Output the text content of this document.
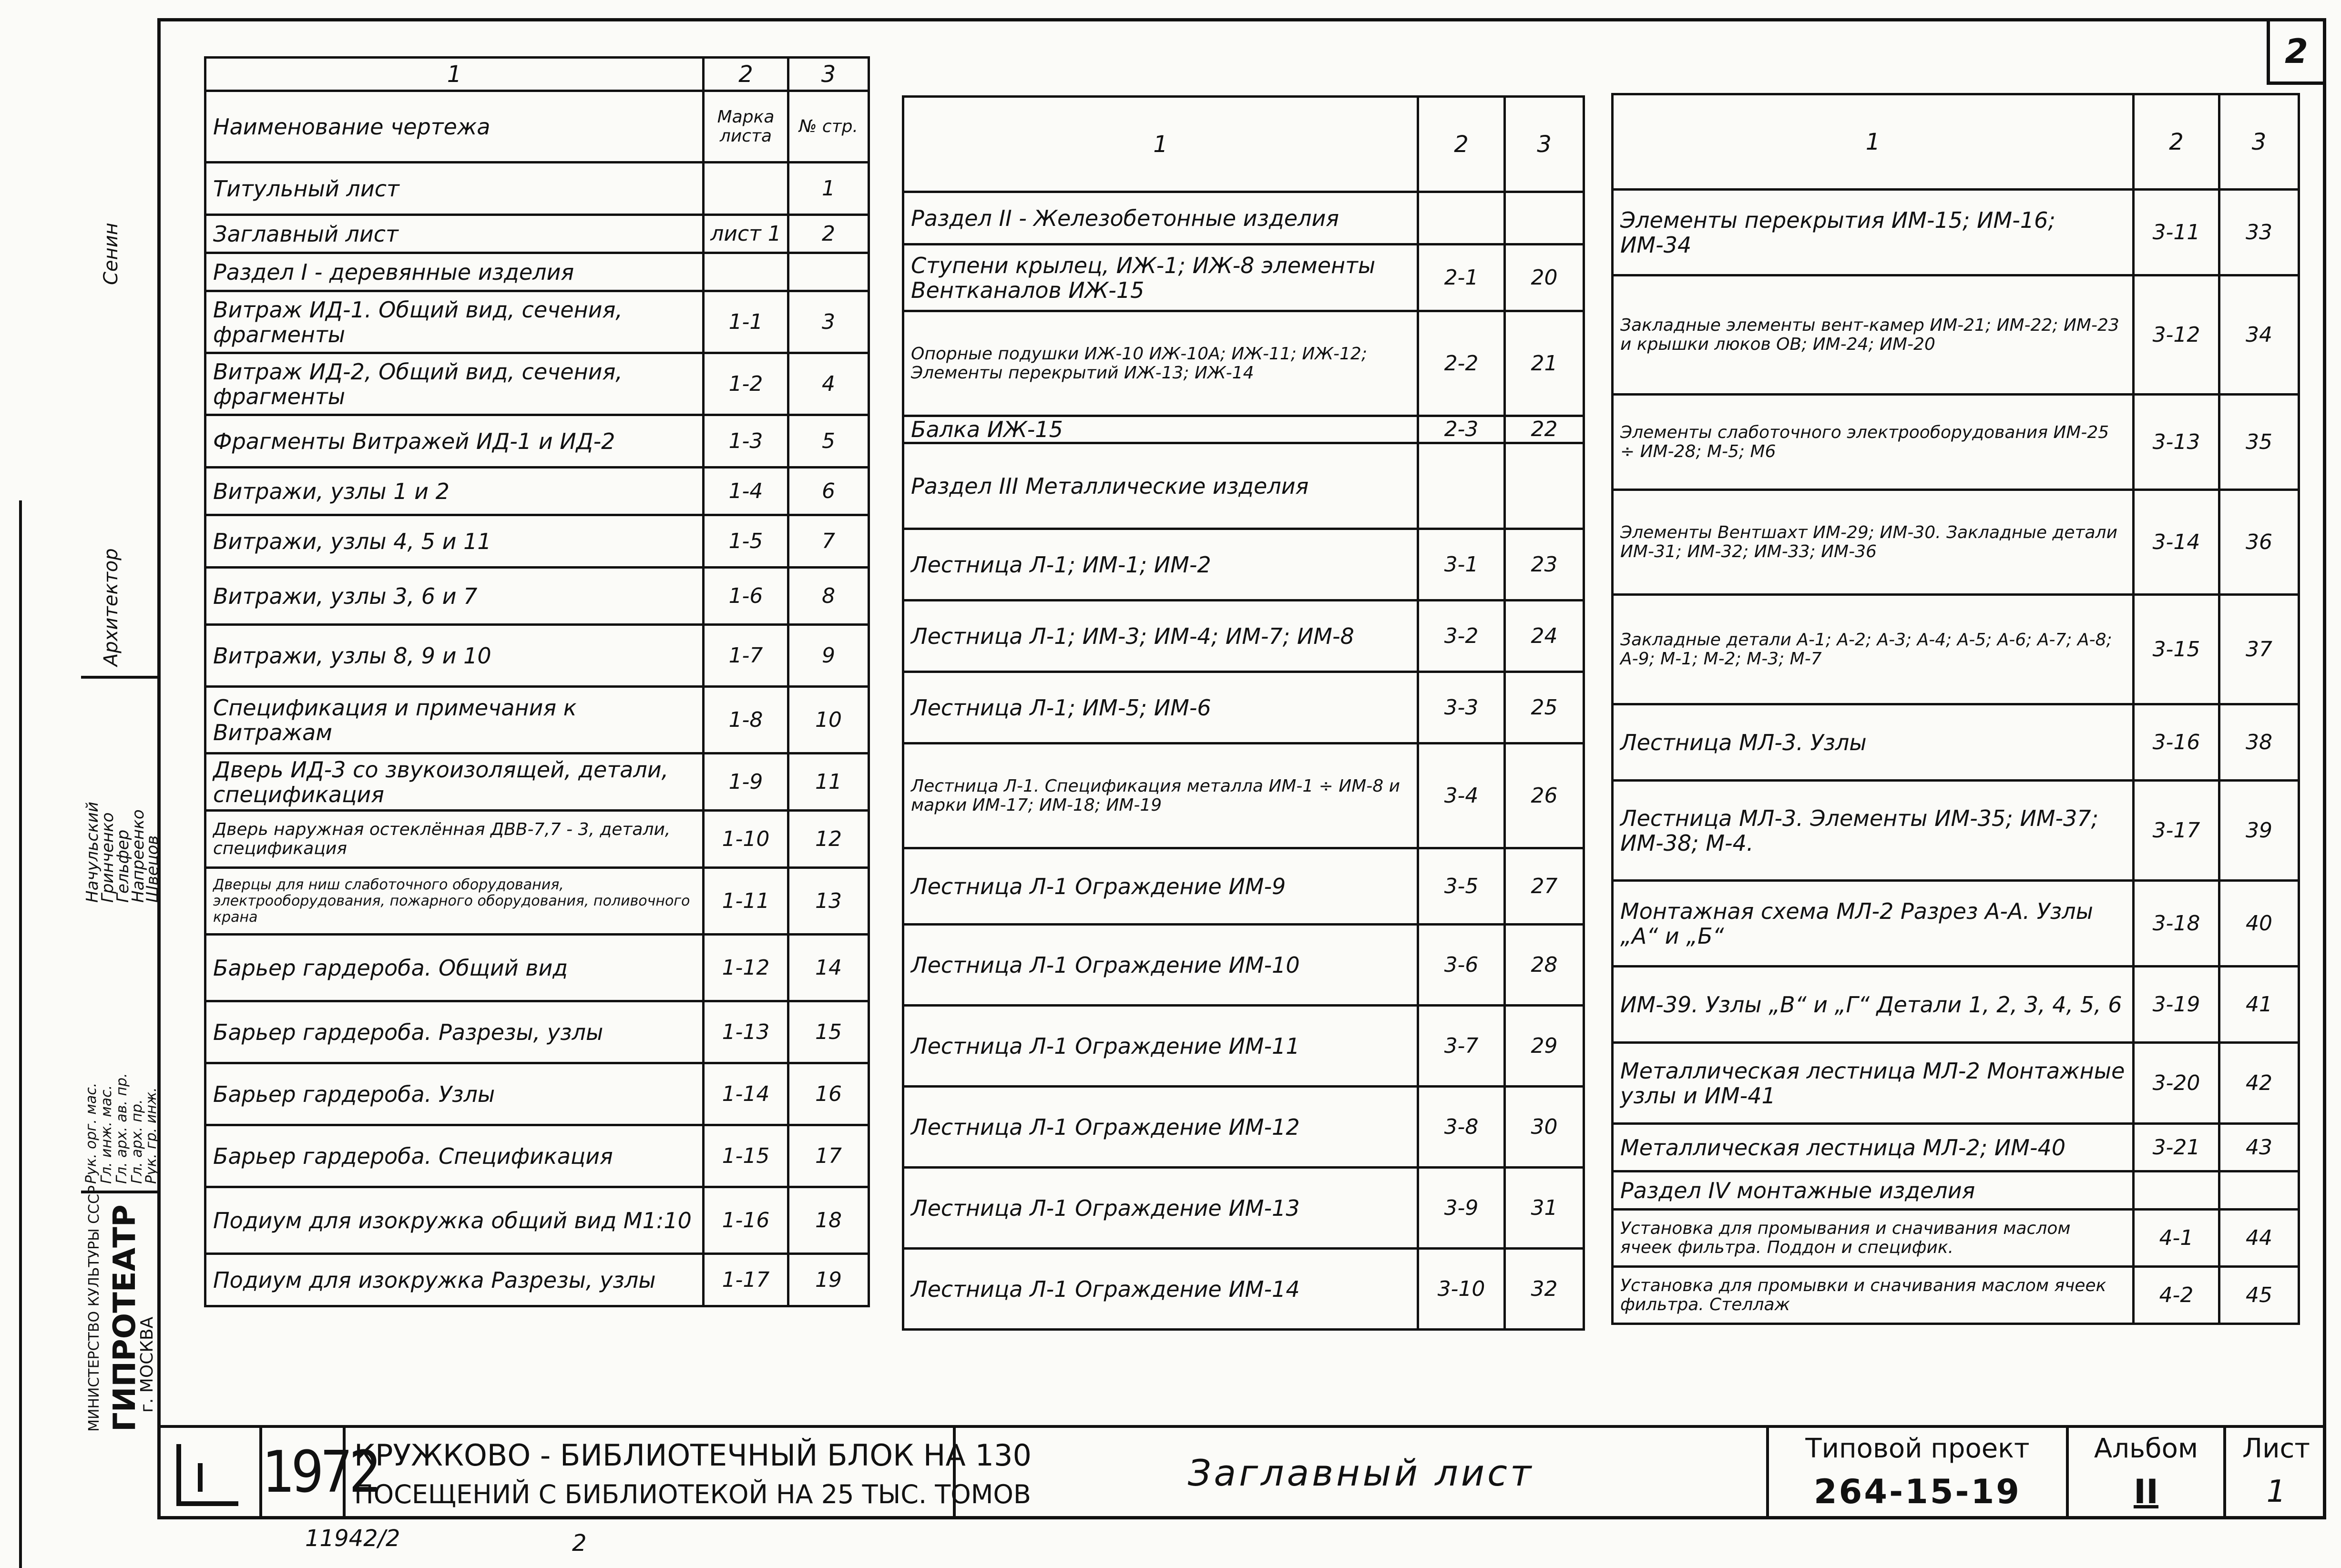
2
1	2	3
Наименование чертежа	Марка листа	№ стр.
Титульный лист		1
Заглавный лист	лист 1	2
Раздел I - деревянные изделия		
Витраж ИД-1. Общий вид, сечения, фрагменты	1-1	3
Витраж ИД-2, Общий вид, сечения, фрагменты	1-2	4
Фрагменты Витражей ИД-1 и ИД-2	1-3	5
Витражи, узлы 1 и 2	1-4	6
Витражи, узлы 4, 5 и 11	1-5	7
Витражи, узлы 3, 6 и 7	1-6	8
Витражи, узлы 8, 9 и 10	1-7	9
Спецификация и примечания к Витражам	1-8	10
Дверь ИД-3 со звукоизолящей, детали, спецификация	1-9	11
Дверь наружная остеклённая ДВВ-7,7 - 3, детали, спецификация	1-10	12
Дверцы для ниш слаботочного оборудования, электрооборудования, пожарного оборудования, поливочного крана	1-11	13
Барьер гардероба. Общий вид	1-12	14
Барьер гардероба. Разрезы, узлы	1-13	15
Барьер гардероба. Узлы	1-14	16
Барьер гардероба. Спецификация	1-15	17
Подиум для изокружка общий вид М1:10	1-16	18
Подиум для изокружка Разрезы, узлы	1-17	19
1	2	3
Раздел II - Железобетонные изделия		
Ступени крылец, ИЖ-1; ИЖ-8 элементы Вентканалов ИЖ-15	2-1	20
Опорные подушки ИЖ-10 ИЖ-10А; ИЖ-11; ИЖ-12; Элементы перекрытий ИЖ-13; ИЖ-14	2-2	21
Балка ИЖ-15	2-3	22
Раздел III Металлические изделия		
Лестница Л-1; ИМ-1; ИМ-2	3-1	23
Лестница Л-1; ИМ-3; ИМ-4; ИМ-7; ИМ-8	3-2	24
Лестница Л-1; ИМ-5; ИМ-6	3-3	25
Лестница Л-1. Спецификация металла ИМ-1 ÷ ИМ-8 и марки ИМ-17; ИМ-18; ИМ-19	3-4	26
Лестница Л-1 Ограждение ИМ-9	3-5	27
Лестница Л-1 Ограждение ИМ-10	3-6	28
Лестница Л-1 Ограждение ИМ-11	3-7	29
Лестница Л-1 Ограждение ИМ-12	3-8	30
Лестница Л-1 Ограждение ИМ-13	3-9	31
Лестница Л-1 Ограждение ИМ-14	3-10	32
1	2	3
Элементы перекрытия ИМ-15; ИМ-16; ИМ-34	3-11	33
Закладные элементы вент-камер ИМ-21; ИМ-22; ИМ-23 и крышки люков ОВ; ИМ-24; ИМ-20	3-12	34
Элементы слаботочного электрооборудования ИМ-25 ÷ ИМ-28; М-5; М6	3-13	35
Элементы Вентшахт ИМ-29; ИМ-30. Закладные детали ИМ-31; ИМ-32; ИМ-33; ИМ-36	3-14	36
Закладные детали А-1; А-2; А-3; А-4; А-5; А-6; А-7; А-8; А-9; М-1; М-2; М-3; М-7	3-15	37
Лестница МЛ-3. Узлы	3-16	38
Лестница МЛ-3. Элементы ИМ-35; ИМ-37; ИМ-38; М-4.	3-17	39
Монтажная схема МЛ-2 Разрез А-А. Узлы „А“ и „Б“	3-18	40
ИМ-39. Узлы „В“ и „Г“ Детали 1, 2, 3, 4, 5, 6	3-19	41
Металлическая лестница МЛ-2 Монтажные узлы и ИМ-41	3-20	42
Металлическая лестница МЛ-2; ИМ-40	3-21	43
Раздел IV монтажные изделия		
Установка для промывания и сначивания маслом ячеек фильтра. Поддон и специфик.	4-1	44
Установка для промывки и сначивания маслом ячеек фильтра. Стеллаж	4-2	45
МИНИСТЕРСТВО КУЛЬТУРЫ СССР ГИПРОТЕАТР
г. МОСКВА
Рук. орг. мас.
Гл. инж. мас.
Гл. арх. ав. пр.
Гл. арх. пр.
Рук. гр. инж.
Начульский
Гринченко
Гельфер
Напреенко
Швецов
Архитектор
Сенин
1972
КРУЖКОВО - БИБЛИОТЕЧНЫЙ БЛОК НА 130
ПОСЕЩЕНИЙ С БИБЛИОТЕКОЙ НА 25 ТЫС. ТОМОВ
Заглавный лист
Типовой проект
264-15-19
Альбом
II
Лист
1
11942/2	2
